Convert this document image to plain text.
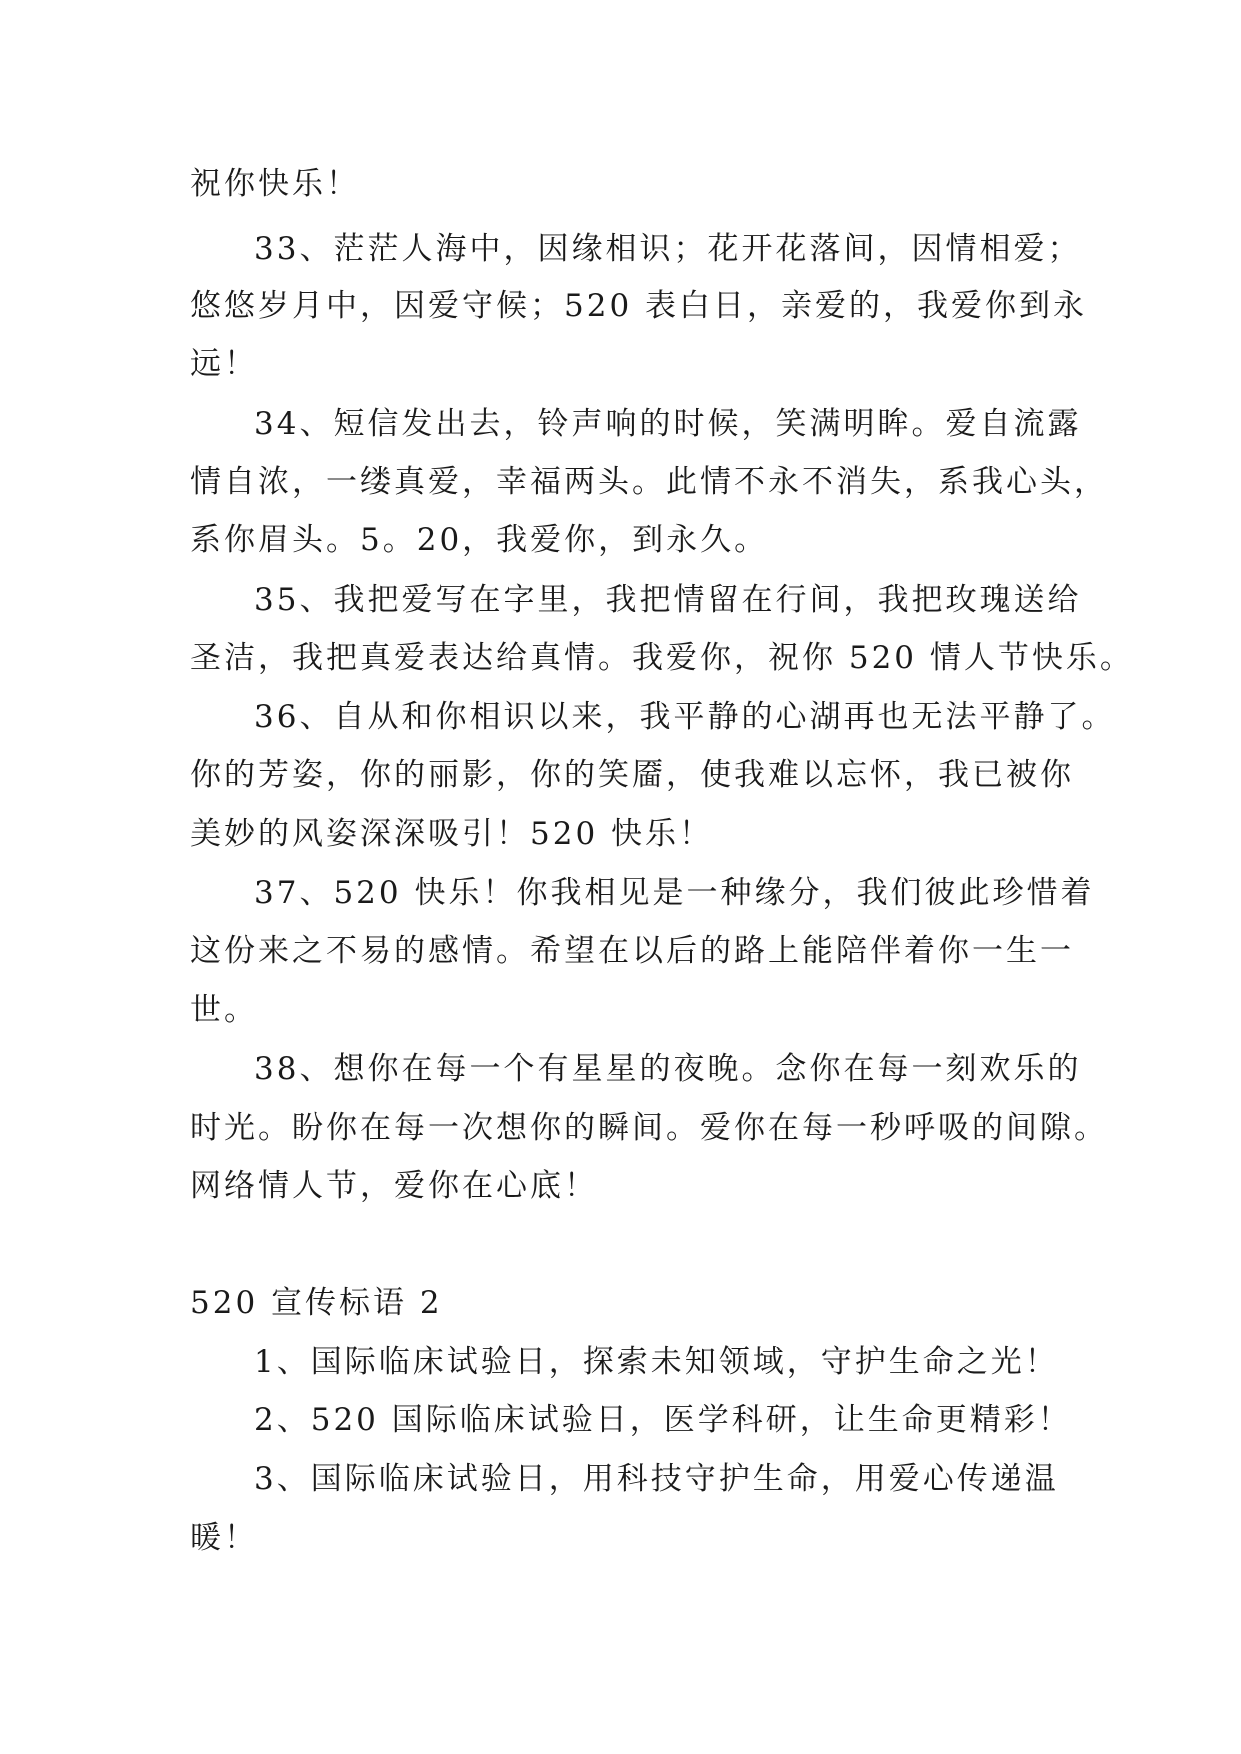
祝你快乐！
33、茫茫人海中，因缘相识；花开花落间，因情相爱；
悠悠岁月中，因爱守候；520 表白日，亲爱的，我爱你到永
远！
34、短信发出去，铃声响的时候，笑满明眸。爱自流露
情自浓，一缕真爱，幸福两头。此情不永不消失，系我心头，
系你眉头。5。20，我爱你，到永久。
35、我把爱写在字里，我把情留在行间，我把玫瑰送给
圣洁，我把真爱表达给真情。我爱你，祝你 520 情人节快乐。
36、自从和你相识以来，我平静的心湖再也无法平静了。
你的芳姿，你的丽影，你的笑靥，使我难以忘怀，我已被你
美妙的风姿深深吸引！520 快乐！
37、520 快乐！你我相见是一种缘分，我们彼此珍惜着
这份来之不易的感情。希望在以后的路上能陪伴着你一生一
世。
38、想你在每一个有星星的夜晚。念你在每一刻欢乐的
时光。盼你在每一次想你的瞬间。爱你在每一秒呼吸的间隙。
网络情人节，爱你在心底！
520 宣传标语 2
1、国际临床试验日，探索未知领域，守护生命之光！
2、520 国际临床试验日，医学科研，让生命更精彩！
3、国际临床试验日，用科技守护生命，用爱心传递温
暖！
